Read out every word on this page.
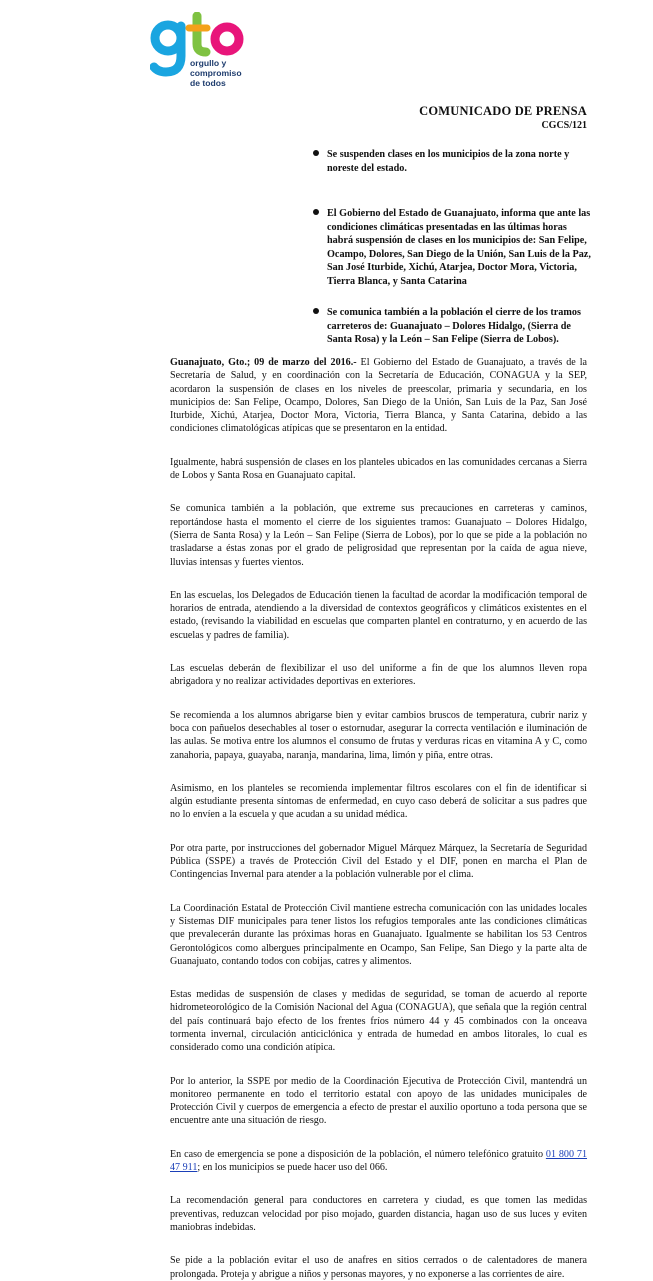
orgullo y
compromiso
de todos
COMUNICADO DE PRENSA
CGCS/121
Se suspenden clases en los municipios de la zona norte y noreste del estado.
El Gobierno del Estado de Guanajuato, informa que ante las condiciones climáticas presentadas en las últimas horas habrá suspensión de clases en los municipios de: San Felipe, Ocampo, Dolores, San Diego de la Unión, San Luis de la Paz, San José Iturbide, Xichú, Atarjea, Doctor Mora, Victoria, Tierra Blanca, y Santa Catarina
Se comunica también a la población el cierre de los tramos carreteros de: Guanajuato – Dolores Hidalgo, (Sierra de Santa Rosa) y la León – San Felipe (Sierra de Lobos).

Guanajuato, Gto.; 09 de marzo del 2016.- El Gobierno del Estado de Guanajuato, a través de la Secretaría de Salud, y en coordinación con la Secretaría de Educación, CONAGUA y la SEP, acordaron la suspensión de clases en los niveles de preescolar, primaria y secundaria, en los municipios de: San Felipe, Ocampo, Dolores, San Diego de la Unión, San Luis de la Paz, San José Iturbide, Xichú, Atarjea, Doctor Mora, Victoria, Tierra Blanca, y Santa Catarina, debido a las condiciones climatológicas atípicas que se presentaron en la entidad.

Igualmente, habrá suspensión de clases en los planteles ubicados en las comunidades cercanas a Sierra de Lobos y Santa Rosa en Guanajuato capital.

Se comunica también a la población, que extreme sus precauciones en carreteras y caminos, reportándose hasta el momento el cierre de los siguientes tramos: Guanajuato – Dolores Hidalgo, (Sierra de Santa Rosa) y la León – San Felipe (Sierra de Lobos), por lo que se pide a la población no trasladarse a éstas zonas por el grado de peligrosidad que representan por la caída de agua nieve, lluvias intensas y fuertes vientos.

En las escuelas, los Delegados de Educación tienen la facultad de acordar la modificación temporal de horarios de entrada, atendiendo a la diversidad de contextos geográficos y climáticos existentes en el estado, (revisando la viabilidad en escuelas que comparten plantel en contraturno, y en acuerdo de las escuelas y padres de familia).

Las escuelas deberán de flexibilizar el uso del uniforme a fin de que los alumnos lleven ropa abrigadora y no realizar actividades deportivas en exteriores.

Se recomienda a los alumnos abrigarse bien y evitar cambios bruscos de temperatura, cubrir nariz y boca con pañuelos desechables al toser o estornudar, asegurar la correcta ventilación e iluminación de las aulas. Se motiva entre los alumnos el consumo de frutas y verduras ricas en vitamina A y C, como zanahoria, papaya, guayaba, naranja, mandarina, lima, limón y piña, entre otras.

Asimismo, en los planteles se recomienda implementar filtros escolares con el fin de identificar si algún estudiante presenta síntomas de enfermedad, en cuyo caso deberá de solicitar a sus padres que no lo envíen a la escuela y que acudan a su unidad médica.

Por otra parte, por instrucciones del gobernador Miguel Márquez Márquez, la Secretaría de Seguridad Pública (SSPE) a través de Protección Civil del Estado y el DIF, ponen en marcha el Plan de Contingencias Invernal para atender a la población vulnerable por el clima.

La Coordinación Estatal de Protección Civil mantiene estrecha comunicación con las unidades locales y Sistemas DIF municipales para tener listos los refugios temporales ante las condiciones climáticas que prevalecerán durante las próximas horas en Guanajuato. Igualmente se habilitan los 53 Centros Gerontológicos como albergues principalmente en Ocampo, San Felipe, San Diego y la parte alta de Guanajuato, contando todos con cobijas, catres y alimentos.

Estas medidas de suspensión de clases y medidas de seguridad, se toman de acuerdo al reporte hidrometeorológico de la Comisión Nacional del Agua (CONAGUA), que señala que la región central del país continuará bajo efecto de los frentes fríos número 44 y 45 combinados con la onceava tormenta invernal, circulación anticiclónica y entrada de humedad en ambos litorales, lo cual es considerado como una condición atípica.

Por lo anterior, la SSPE por medio de la Coordinación Ejecutiva de Protección Civil, mantendrá un monitoreo permanente en todo el territorio estatal con apoyo de las unidades municipales de Protección Civil y cuerpos de emergencia a efecto de prestar el auxilio oportuno a toda persona que se encuentre ante una situación de riesgo.

En caso de emergencia se pone a disposición de la población, el número telefónico gratuito 01 800 71 47 911; en los municipios se puede hacer uso del 066.

La recomendación general para conductores en carretera y ciudad, es que tomen las medidas preventivas, reduzcan velocidad por piso mojado, guarden distancia, hagan uso de sus luces y eviten maniobras indebidas.

Se pide a la población evitar el uso de anafres en sitios cerrados o de calentadores de manera prolongada. Proteja y abrigue a niños y personas mayores, y no exponerse a las corrientes de aire.
